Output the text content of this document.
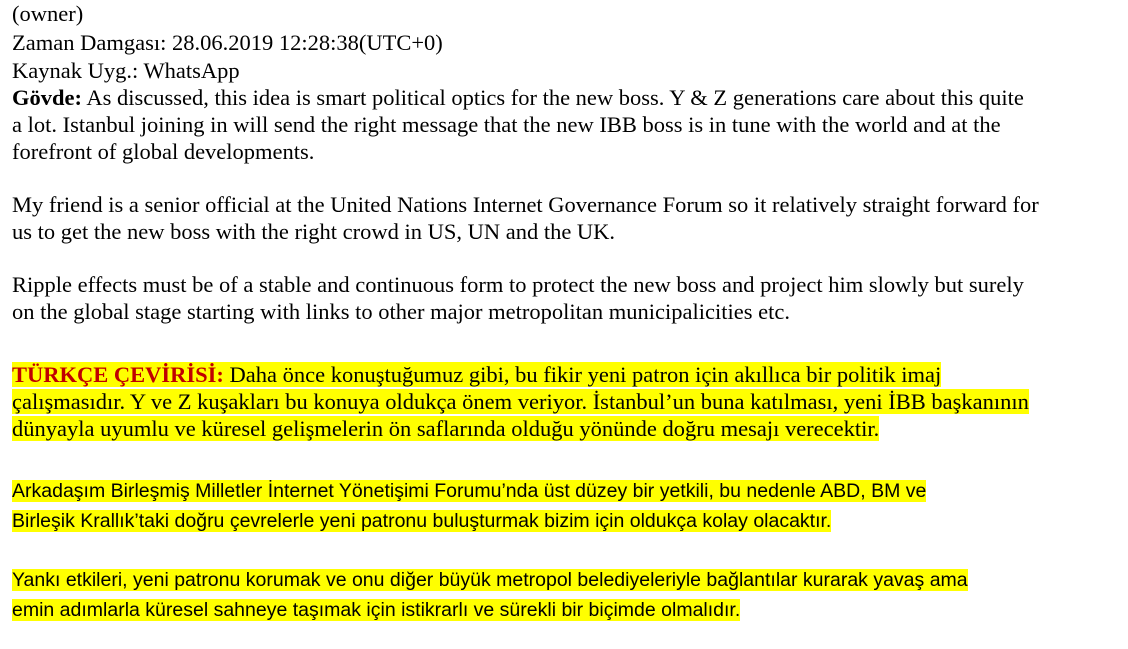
(owner)
Zaman Damgası: 28.06.2019 12:28:38(UTC+0)
Kaynak Uyg.: WhatsApp
Gövde: As discussed, this idea is smart political optics for the new boss. Y & Z generations care about this quite
a lot. Istanbul joining in will send the right message that the new IBB boss is in tune with the world and at the
forefront of global developments.
My friend is a senior official at the United Nations Internet Governance Forum so it relatively straight forward for
us to get the new boss with the right crowd in US, UN and the UK.
Ripple effects must be of a stable and continuous form to protect the new boss and project him slowly but surely
on the global stage starting with links to other major metropolitan municipalicities etc.
TÜRKÇE ÇEVİRİSİ: Daha önce konuştuğumuz gibi, bu fikir yeni patron için akıllıca bir politik imaj
çalışmasıdır. Y ve Z kuşakları bu konuya oldukça önem veriyor. İstanbul’un buna katılması, yeni İBB başkanının
dünyayla uyumlu ve küresel gelişmelerin ön saflarında olduğu yönünde doğru mesajı verecektir.
Arkadaşım Birleşmiş Milletler İnternet Yönetişimi Forumu’nda üst düzey bir yetkili, bu nedenle ABD, BM ve
Birleşik Krallık’taki doğru çevrelerle yeni patronu buluşturmak bizim için oldukça kolay olacaktır.
Yankı etkileri, yeni patronu korumak ve onu diğer büyük metropol belediyeleriyle bağlantılar kurarak yavaş ama
emin adımlarla küresel sahneye taşımak için istikrarlı ve sürekli bir biçimde olmalıdır.
